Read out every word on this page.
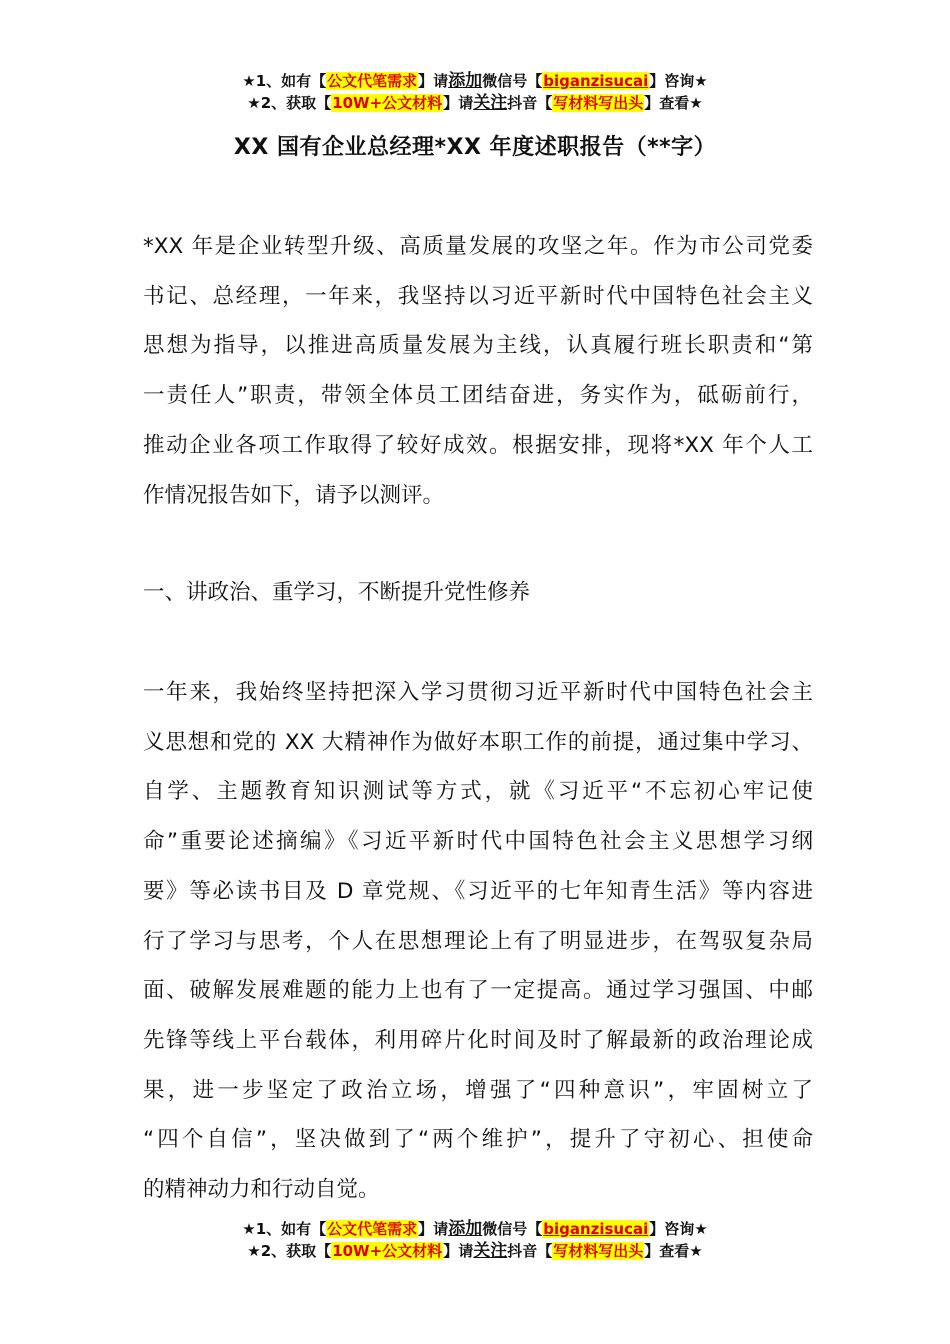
★1、如有【公文代笔需求】请添加微信号【biganzisucai】咨询★
★2、获取【10W+公文材料】请关注抖音【写材料写出头】查看★
XX 国有企业总经理*XX 年度述职报告（**字）
*XX 年是企业转型升级、高质量发展的攻坚之年。作为市公司党委
书记、总经理，一年来，我坚持以习近平新时代中国特色社会主义
思想为指导，以推进高质量发展为主线，认真履行班长职责和“第
一责任人”职责，带领全体员工团结奋进，务实作为，砥砺前行，
推动企业各项工作取得了较好成效。根据安排，现将*XX 年个人工
作情况报告如下，请予以测评。
一、讲政治、重学习，不断提升党性修养
一年来，我始终坚持把深入学习贯彻习近平新时代中国特色社会主
义思想和党的 XX 大精神作为做好本职工作的前提，通过集中学习、
自学、主题教育知识测试等方式，就《习近平“不忘初心牢记使
命”重要论述摘编》《习近平新时代中国特色社会主义思想学习纲
要》等必读书目及 D 章党规、《习近平的七年知青生活》等内容进
行了学习与思考，个人在思想理论上有了明显进步，在驾驭复杂局
面、破解发展难题的能力上也有了一定提高。通过学习强国、中邮
先锋等线上平台载体，利用碎片化时间及时了解最新的政治理论成
果，进一步坚定了政治立场，增强了“四种意识”，牢固树立了
“四个自信”，坚决做到了“两个维护”，提升了守初心、担使命
的精神动力和行动自觉。
★1、如有【公文代笔需求】请添加微信号【biganzisucai】咨询★
★2、获取【10W+公文材料】请关注抖音【写材料写出头】查看★
